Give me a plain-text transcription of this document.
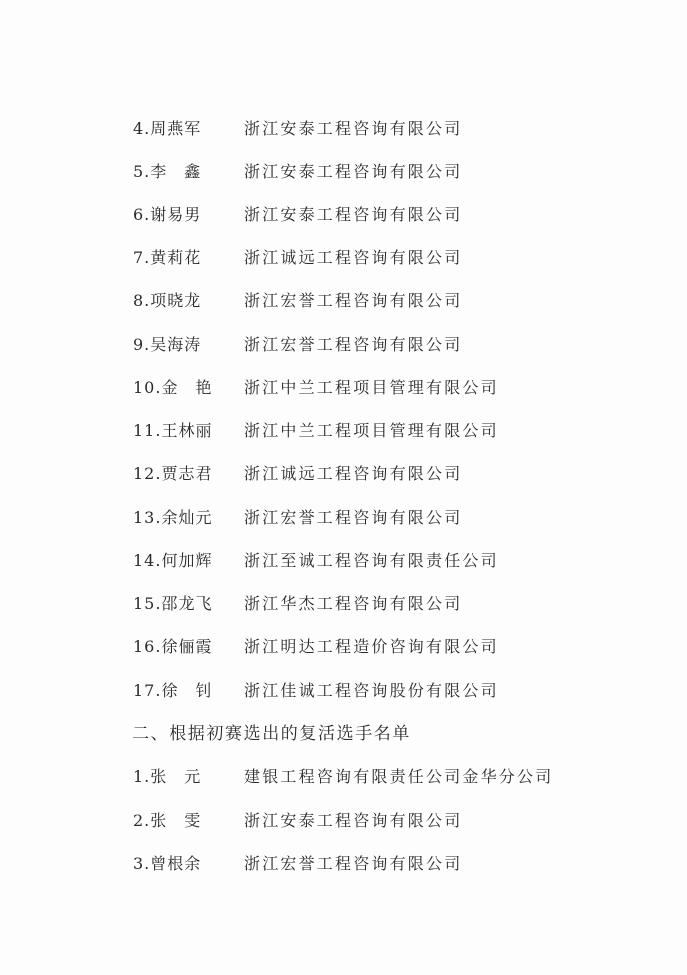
4.周燕军	浙江安泰工程咨询有限公司
5.李　鑫	浙江安泰工程咨询有限公司
6.谢易男	浙江安泰工程咨询有限公司
7.黄莉花	浙江诚远工程咨询有限公司
8.项晓龙	浙江宏誉工程咨询有限公司
9.吴海涛	浙江宏誉工程咨询有限公司
10.金　艳 浙江中兰工程项目管理有限公司
11.王林丽 浙江中兰工程项目管理有限公司
12.贾志君 浙江诚远工程咨询有限公司
13.余灿元 浙江宏誉工程咨询有限公司
14.何加辉 浙江至诚工程咨询有限责任公司
15.邵龙飞 浙江华杰工程咨询有限公司
16.徐俪霞 浙江明达工程造价咨询有限公司
17.徐　钊 浙江佳诚工程咨询股份有限公司
二、根据初赛选出的复活选手名单
1.张　元	建银工程咨询有限责任公司金华分公司
2.张　雯	浙江安泰工程咨询有限公司
3.曾根余	浙江宏誉工程咨询有限公司
